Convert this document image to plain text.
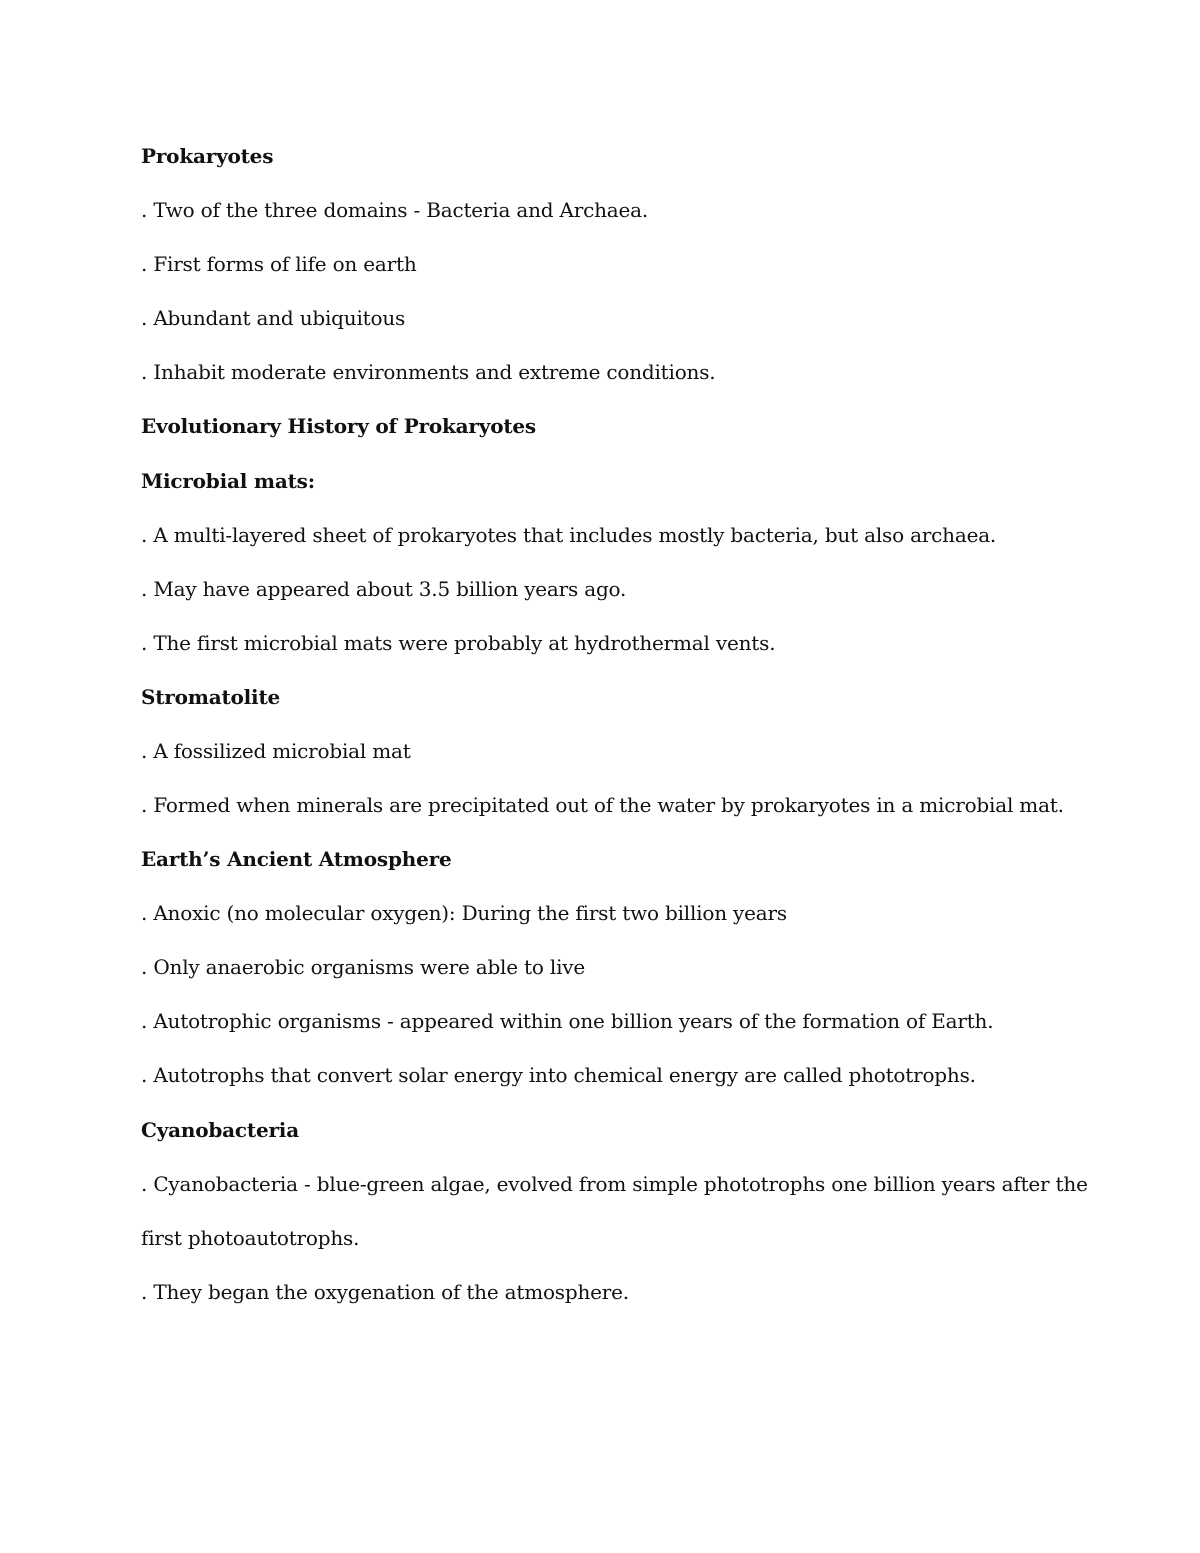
Prokaryotes
. Two of the three domains - Bacteria and Archaea.
. First forms of life on earth
. Abundant and ubiquitous
. Inhabit moderate environments and extreme conditions.
Evolutionary History of Prokaryotes
Microbial mats:
. A multi-layered sheet of prokaryotes that includes mostly bacteria, but also archaea.
. May have appeared about 3.5 billion years ago.
. The first microbial mats were probably at hydrothermal vents.
Stromatolite
. A fossilized microbial mat
. Formed when minerals are precipitated out of the water by prokaryotes in a microbial mat.
Earth’s Ancient Atmosphere
. Anoxic (no molecular oxygen): During the first two billion years
. Only anaerobic organisms were able to live
. Autotrophic organisms - appeared within one billion years of the formation of Earth.
. Autotrophs that convert solar energy into chemical energy are called phototrophs.
Cyanobacteria
. Cyanobacteria - blue-green algae, evolved from simple phototrophs one billion years after the
first photoautotrophs.
. They began the oxygenation of the atmosphere.
